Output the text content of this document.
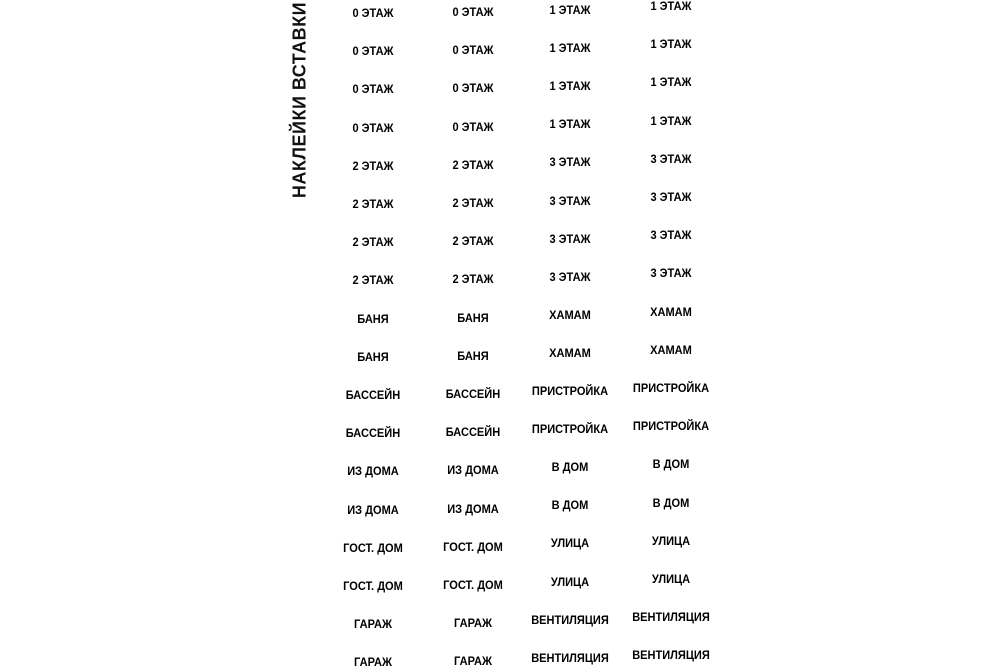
НАКЛЕЙКИ ВСТАВКИ	0 ЭТАЖ
0 ЭТАЖ
0 ЭТАЖ
0 ЭТАЖ
2 ЭТАЖ
2 ЭТАЖ
2 ЭТАЖ
2 ЭТАЖ
БАНЯ
БАНЯ
БАССЕЙН
БАССЕЙН
ИЗ ДОМА
ИЗ ДОМА
ГОСТ. ДОМ
ГОСТ. ДОМ
ГАРАЖ
ГАРАЖ
0 ЭТАЖ
0 ЭТАЖ
0 ЭТАЖ
0 ЭТАЖ
2 ЭТАЖ
2 ЭТАЖ
2 ЭТАЖ
2 ЭТАЖ
БАНЯ
БАНЯ
БАССЕЙН
БАССЕЙН
ИЗ ДОМА
ИЗ ДОМА
ГОСТ. ДОМ
ГОСТ. ДОМ
ГАРАЖ
ГАРАЖ
1 ЭТАЖ
1 ЭТАЖ
1 ЭТАЖ
1 ЭТАЖ
3 ЭТАЖ
3 ЭТАЖ
3 ЭТАЖ
3 ЭТАЖ
ХАМАМ
ХАМАМ
ПРИСТРОЙКА
ПРИСТРОЙКА
В ДОМ
В ДОМ
УЛИЦА
УЛИЦА
ВЕНТИЛЯЦИЯ
ВЕНТИЛЯЦИЯ
1 ЭТАЖ
1 ЭТАЖ
1 ЭТАЖ
1 ЭТАЖ
3 ЭТАЖ
3 ЭТАЖ
3 ЭТАЖ
3 ЭТАЖ
ХАМАМ
ХАМАМ
ПРИСТРОЙКА
ПРИСТРОЙКА
В ДОМ
В ДОМ
УЛИЦА
УЛИЦА
ВЕНТИЛЯЦИЯ
ВЕНТИЛЯЦИЯ
